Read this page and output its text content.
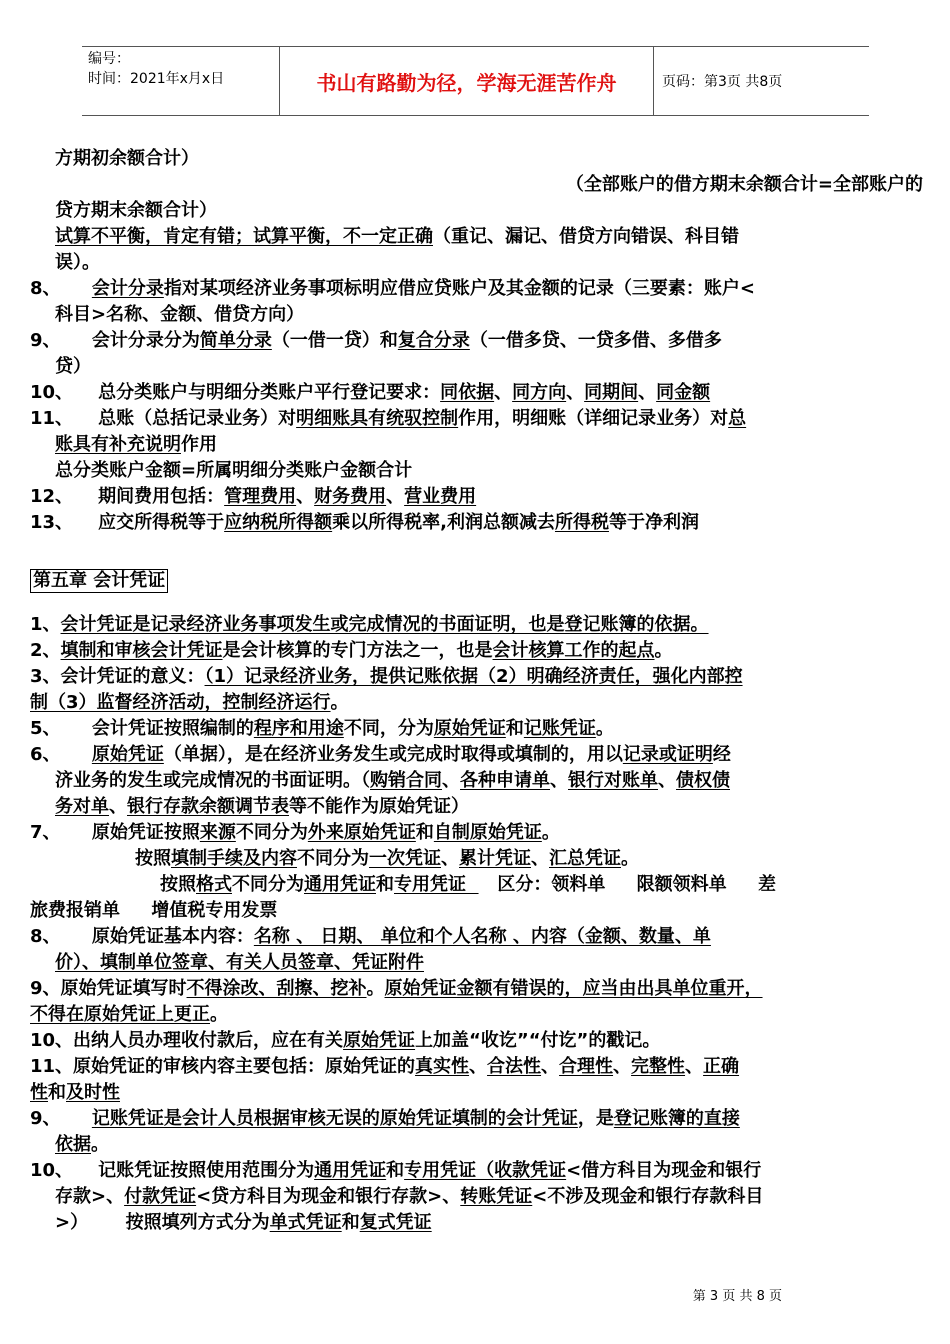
编号：
时间：2021年x月x日	书山有路勤为径，学海无涯苦作舟	页码：第3页 共8页
方期初余额合计）
（全部账户的借方期末余额合计=全部账户的
贷方期末余额合计）
试算不平衡，肯定有错；试算平衡，不一定正确（重记、漏记、借贷方向错误、科目错
误）。
8、     会计分录指对某项经济业务事项标明应借应贷账户及其金额的记录（三要素：账户<
科目>名称、金额、借贷方向）
9、     会计分录分为简单分录（一借一贷）和复合分录（一借多贷、一贷多借、多借多
贷）
10、    总分类账户与明细分类账户平行登记要求：同依据、同方向、同期间、同金额
11、    总账（总括记录业务）对明细账具有统驭控制作用，明细账（详细记录业务）对总
账具有补充说明作用
总分类账户金额=所属明细分类账户金额合计
12、    期间费用包括：管理费用、财务费用、营业费用
13、    应交所得税等于应纳税所得额乘以所得税率,利润总额减去所得税等于净利润
第五章 会计凭证
1、会计凭证是记录经济业务事项发生或完成情况的书面证明，也是登记账簿的依据。
2、填制和审核会计凭证是会计核算的专门方法之一，也是会计核算工作的起点。
3、会计凭证的意义：（1）记录经济业务，提供记账依据（2）明确经济责任，强化内部控
制（3）监督经济活动，控制经济运行。
5、     会计凭证按照编制的程序和用途不同，分为原始凭证和记账凭证。
6、     原始凭证（单据），是在经济业务发生或完成时取得或填制的，用以记录或证明经
济业务的发生或完成情况的书面证明。（购销合同、各种申请单、银行对账单、债权债
务对单、银行存款余额调节表等不能作为原始凭证）
7、     原始凭证按照来源不同分为外来原始凭证和自制原始凭证。
按照填制手续及内容不同分为一次凭证、累计凭证、汇总凭证。
按照格式不同分为通用凭证和专用凭证     区分：领料单     限额领料单     差
旅费报销单     增值税专用发票
8、     原始凭证基本内容：名称 、 日期、 单位和个人名称 、内容（金额、数量、单
价）、填制单位签章、有关人员签章、凭证附件
9、原始凭证填写时不得涂改、刮擦、挖补。原始凭证金额有错误的，应当由出具单位重开，
不得在原始凭证上更正。
10、出纳人员办理收付款后，应在有关原始凭证上加盖“收讫”“付讫”的戳记。
11、原始凭证的审核内容主要包括：原始凭证的真实性、合法性、合理性、完整性、正确
性和及时性
9、     记账凭证是会计人员根据审核无误的原始凭证填制的会计凭证，是登记账簿的直接
依据。
10、    记账凭证按照使用范围分为通用凭证和专用凭证（收款凭证<借方科目为现金和银行
存款>、付款凭证<贷方科目为现金和银行存款>、转账凭证<不涉及现金和银行存款科目
>）      按照填列方式分为单式凭证和复式凭证
第 3 页 共 8 页
